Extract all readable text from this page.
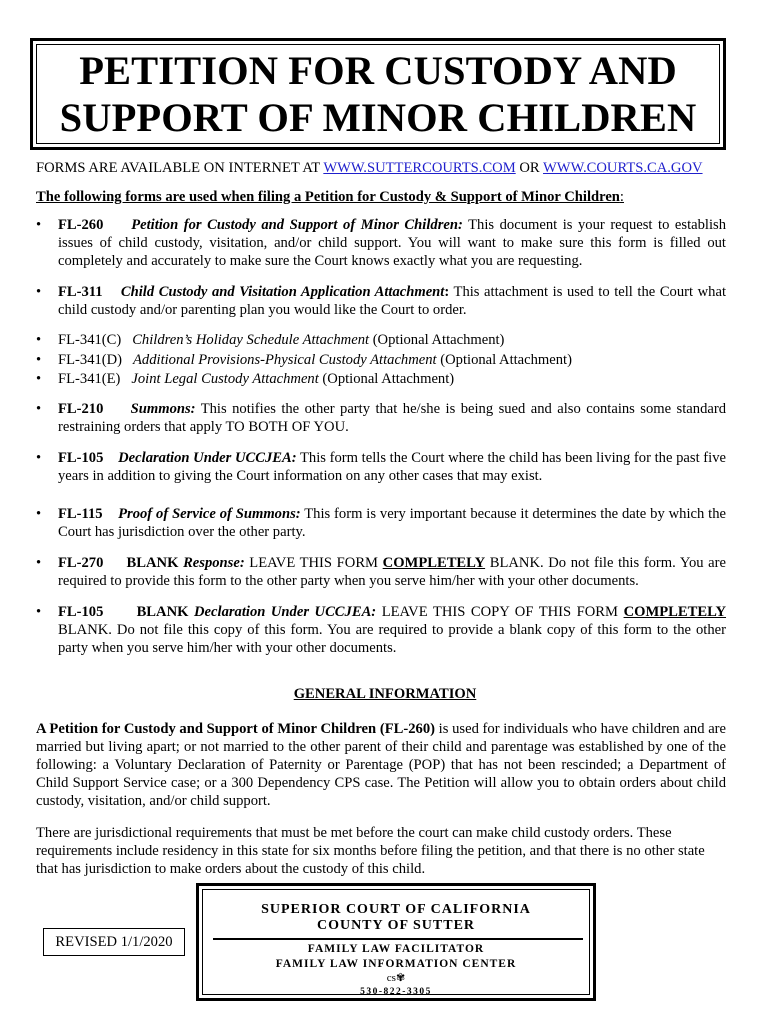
PETITION FOR CUSTODY AND
SUPPORT OF MINOR CHILDREN
FORMS ARE AVAILABLE ON INTERNET AT WWW.SUTTERCOURTS.COM OR WWW.COURTS.CA.GOV
The following forms are used when filing a Petition for Custody & Support of Minor Children:
• FL-260 Petition for Custody and Support of Minor Children: This document is your request to establish issues of child custody, visitation, and/or child support. You will want to make sure this form is filled out completely and accurately to make sure the Court knows exactly what you are requesting.
• FL-311 Child Custody and Visitation Application Attachment: This attachment is used to tell the Court what child custody and/or parenting plan you would like the Court to order.
• FL-341(C) Children’s Holiday Schedule Attachment (Optional Attachment)
• FL-341(D) Additional Provisions-Physical Custody Attachment (Optional Attachment)
• FL-341(E) Joint Legal Custody Attachment (Optional Attachment)
• FL-210 Summons: This notifies the other party that he/she is being sued and also contains some standard restraining orders that apply TO BOTH OF YOU.
• FL-105 Declaration Under UCCJEA: This form tells the Court where the child has been living for the past five years in addition to giving the Court information on any other cases that may exist.
• FL-115 Proof of Service of Summons: This form is very important because it determines the date by which the Court has jurisdiction over the other party.
• FL-270 BLANK Response: LEAVE THIS FORM COMPLETELY BLANK. Do not file this form. You are required to provide this form to the other party when you serve him/her with your other documents.
• FL-105 BLANK Declaration Under UCCJEA: LEAVE THIS COPY OF THIS FORM COMPLETELY BLANK. Do not file this copy of this form. You are required to provide a blank copy of this form to the other party when you serve him/her with your other documents.
GENERAL INFORMATION
A Petition for Custody and Support of Minor Children (FL-260) is used for individuals who have children and are married but living apart; or not married to the other parent of their child and parentage was established by one of the following: a Voluntary Declaration of Paternity or Parentage (POP) that has not been rescinded; a Department of Child Support Service case; or a 300 Dependency CPS case. The Petition will allow you to obtain orders about child custody, visitation, and/or child support.
There are jurisdictional requirements that must be met before the court can make child custody orders. These requirements include residency in this state for six months before filing the petition, and that there is no other state that has jurisdiction to make orders about the custody of this child.
REVISED 1/1/2020
SUPERIOR COURT OF CALIFORNIA
COUNTY OF SUTTER
FAMILY LAW FACILITATOR
FAMILY LAW INFORMATION CENTER
cs✾
530-822-3305
